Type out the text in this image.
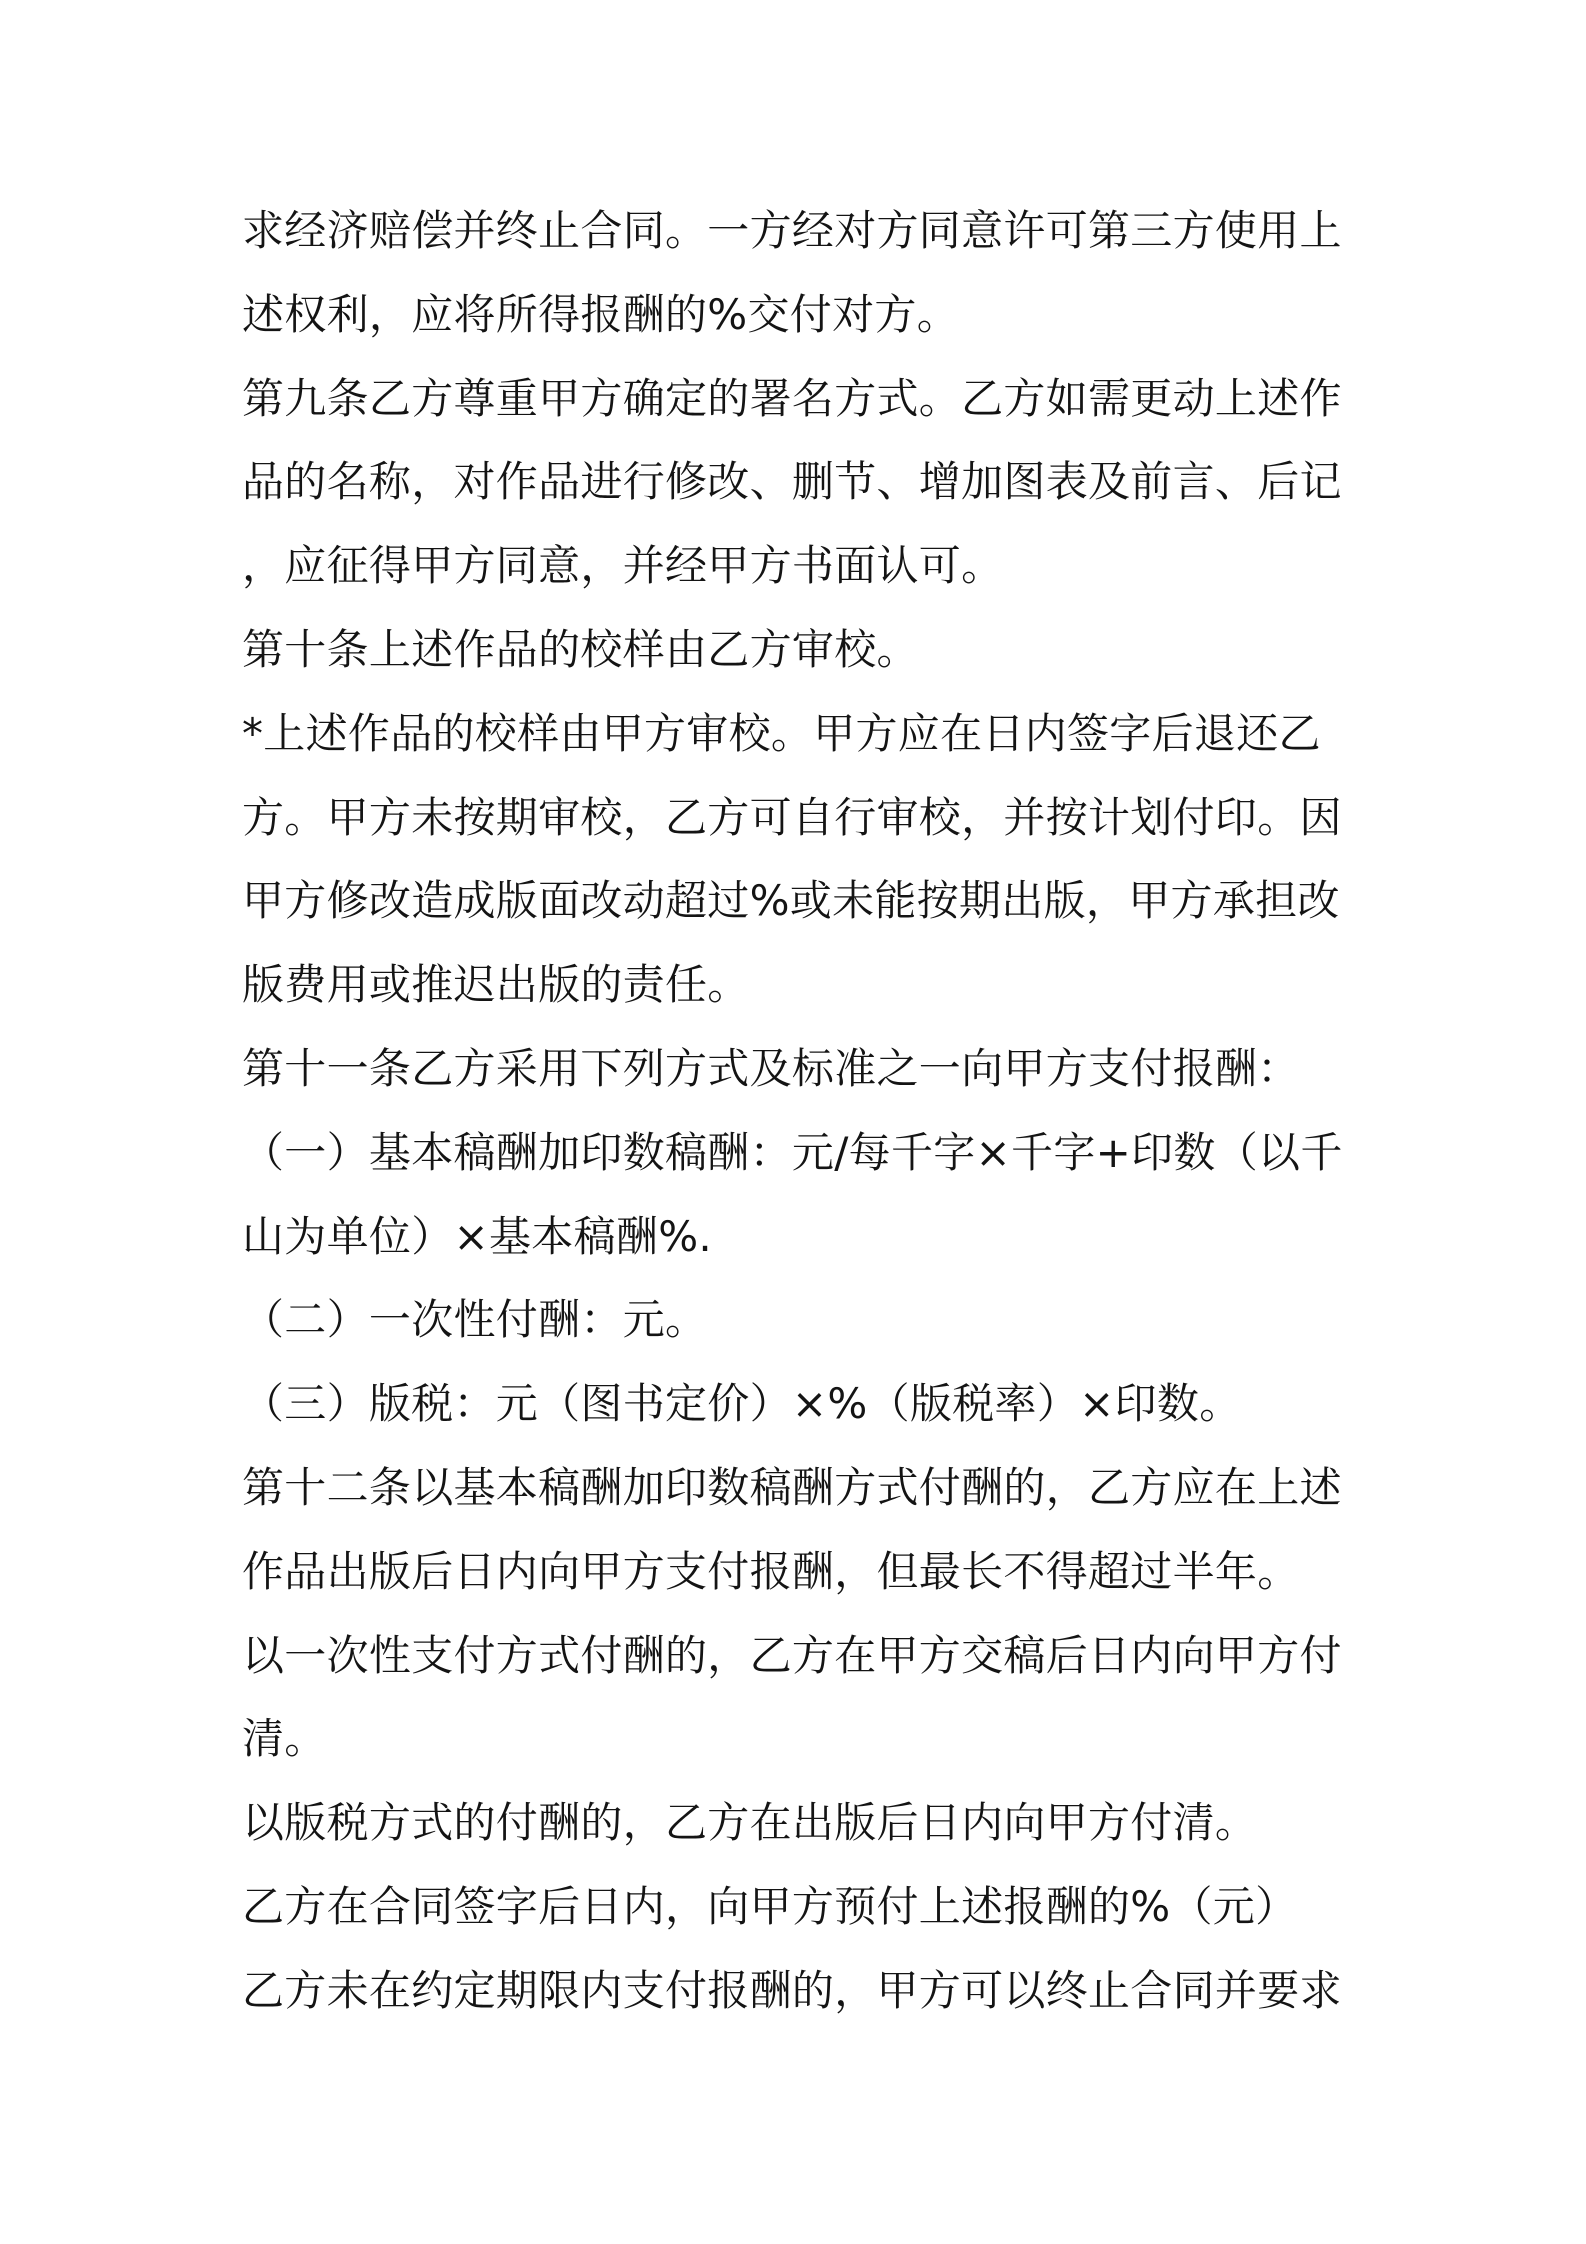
求经济赔偿并终止合同。一方经对方同意许可第三方使用上
述权利，应将所得报酬的%交付对方。
第九条乙方尊重甲方确定的署名方式。乙方如需更动上述作
品的名称，对作品进行修改、删节、增加图表及前言、后记
，应征得甲方同意，并经甲方书面认可。
第十条上述作品的校样由乙方审校。
*上述作品的校样由甲方审校。甲方应在日内签字后退还乙
方。甲方未按期审校，乙方可自行审校，并按计划付印。因
甲方修改造成版面改动超过%或未能按期出版，甲方承担改
版费用或推迟出版的责任。
第十一条乙方采用下列方式及标准之一向甲方支付报酬：
（一）基本稿酬加印数稿酬：元/每千字×千字+印数（以千
山为单位）×基本稿酬%.
（二）一次性付酬：元。
（三）版税：元（图书定价）×%（版税率）×印数。
第十二条以基本稿酬加印数稿酬方式付酬的，乙方应在上述
作品出版后日内向甲方支付报酬，但最长不得超过半年。
以一次性支付方式付酬的，乙方在甲方交稿后日内向甲方付
清。
以版税方式的付酬的，乙方在出版后日内向甲方付清。
乙方在合同签字后日内，向甲方预付上述报酬的%（元）
乙方未在约定期限内支付报酬的，甲方可以终止合同并要求
